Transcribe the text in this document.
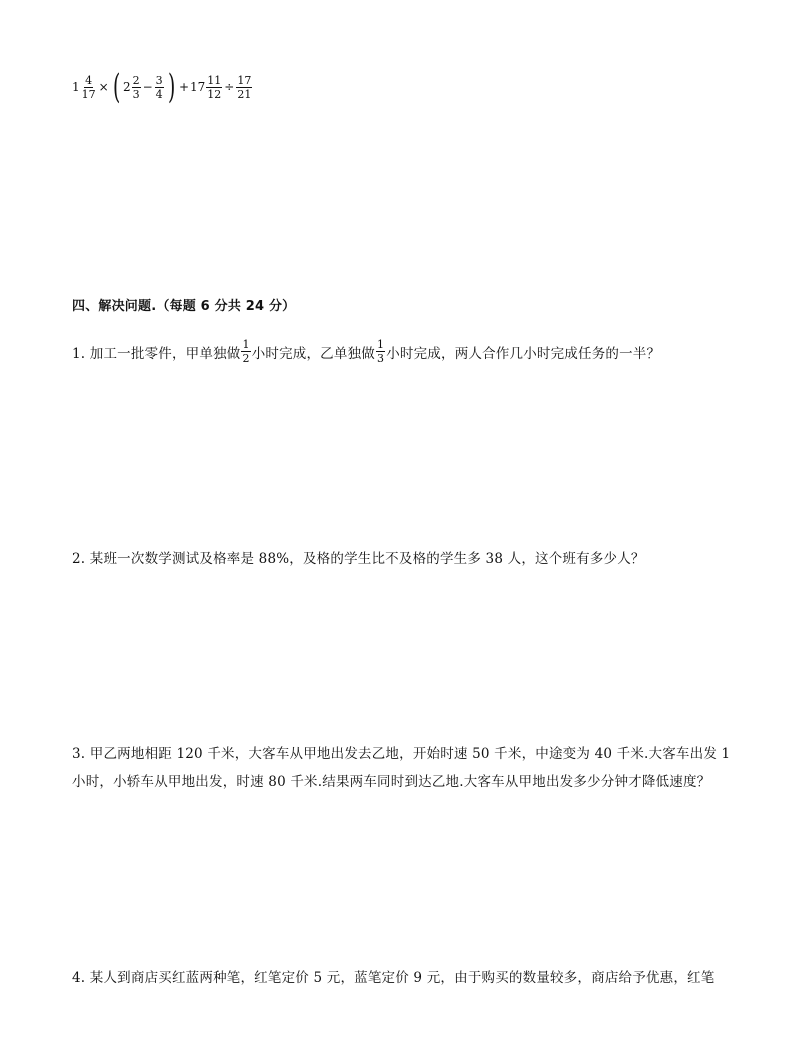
$1 \frac{4}{17}$ × ( $2 \frac{2}{3} - \frac{3}{4}$ ) + $17 \frac{11}{12} \div \frac{17}{21}$
四、解决问题.（每题 6 分共 24 分）
1. 加工一批零件，甲单独做 $\frac{1}{2}$ 小时完成，乙单独做 $\frac{1}{3}$ 小时完成，两人合作几小时完成任务的一半？
2. 某班一次数学测试及格率是 88%，及格的学生比不及格的学生多 38 人，这个班有多少人？
3. 甲乙两地相距 120 千米，大客车从甲地出发去乙地，开始时速 50 千米，中途变为 40 千米.大客车出发 1
小时，小轿车从甲地出发，时速 80 千米.结果两车同时到达乙地.大客车从甲地出发多少分钟才降低速度？
4. 某人到商店买红蓝两种笔，红笔定价 5 元，蓝笔定价 9 元，由于购买的数量较多，商店给予优惠，红笔
